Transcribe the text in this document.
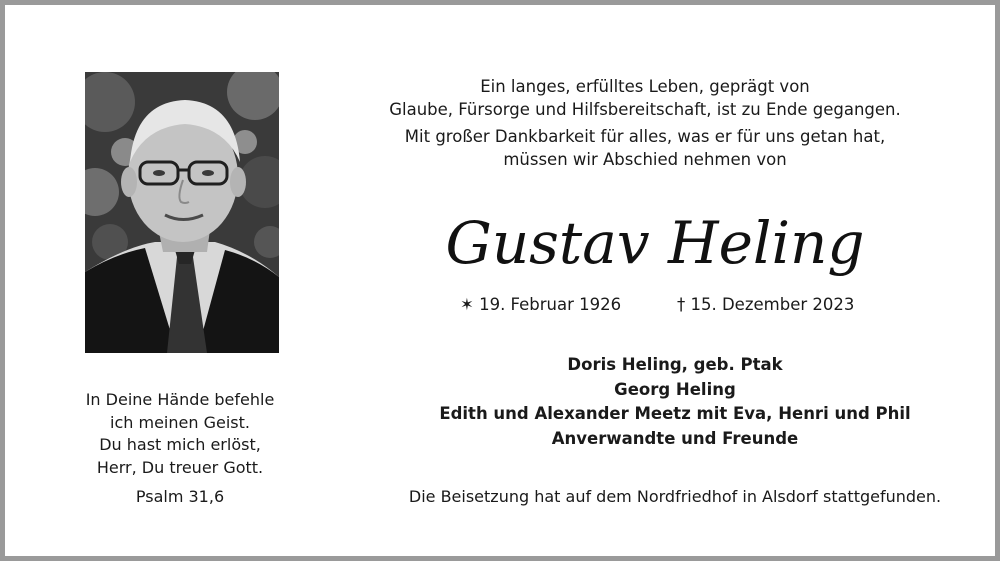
Ein langes, erfülltes Leben, geprägt von
Glaube, Fürsorge und Hilfsbereitschaft, ist zu Ende gegangen.
Mit großer Dankbarkeit für alles, was er für uns getan hat,
müssen wir Abschied nehmen von
Gustav Heling
✶ 19. Februar 1926	† 15. Dezember 2023
Doris Heling, geb. Ptak
Georg Heling
Edith und Alexander Meetz mit Eva, Henri und Phil
Anverwandte und Freunde
In Deine Hände befehle
ich meinen Geist.
Du hast mich erlöst,
Herr, Du treuer Gott.
Psalm 31,6	Die Beisetzung hat auf dem Nordfriedhof in Alsdorf stattgefunden.
